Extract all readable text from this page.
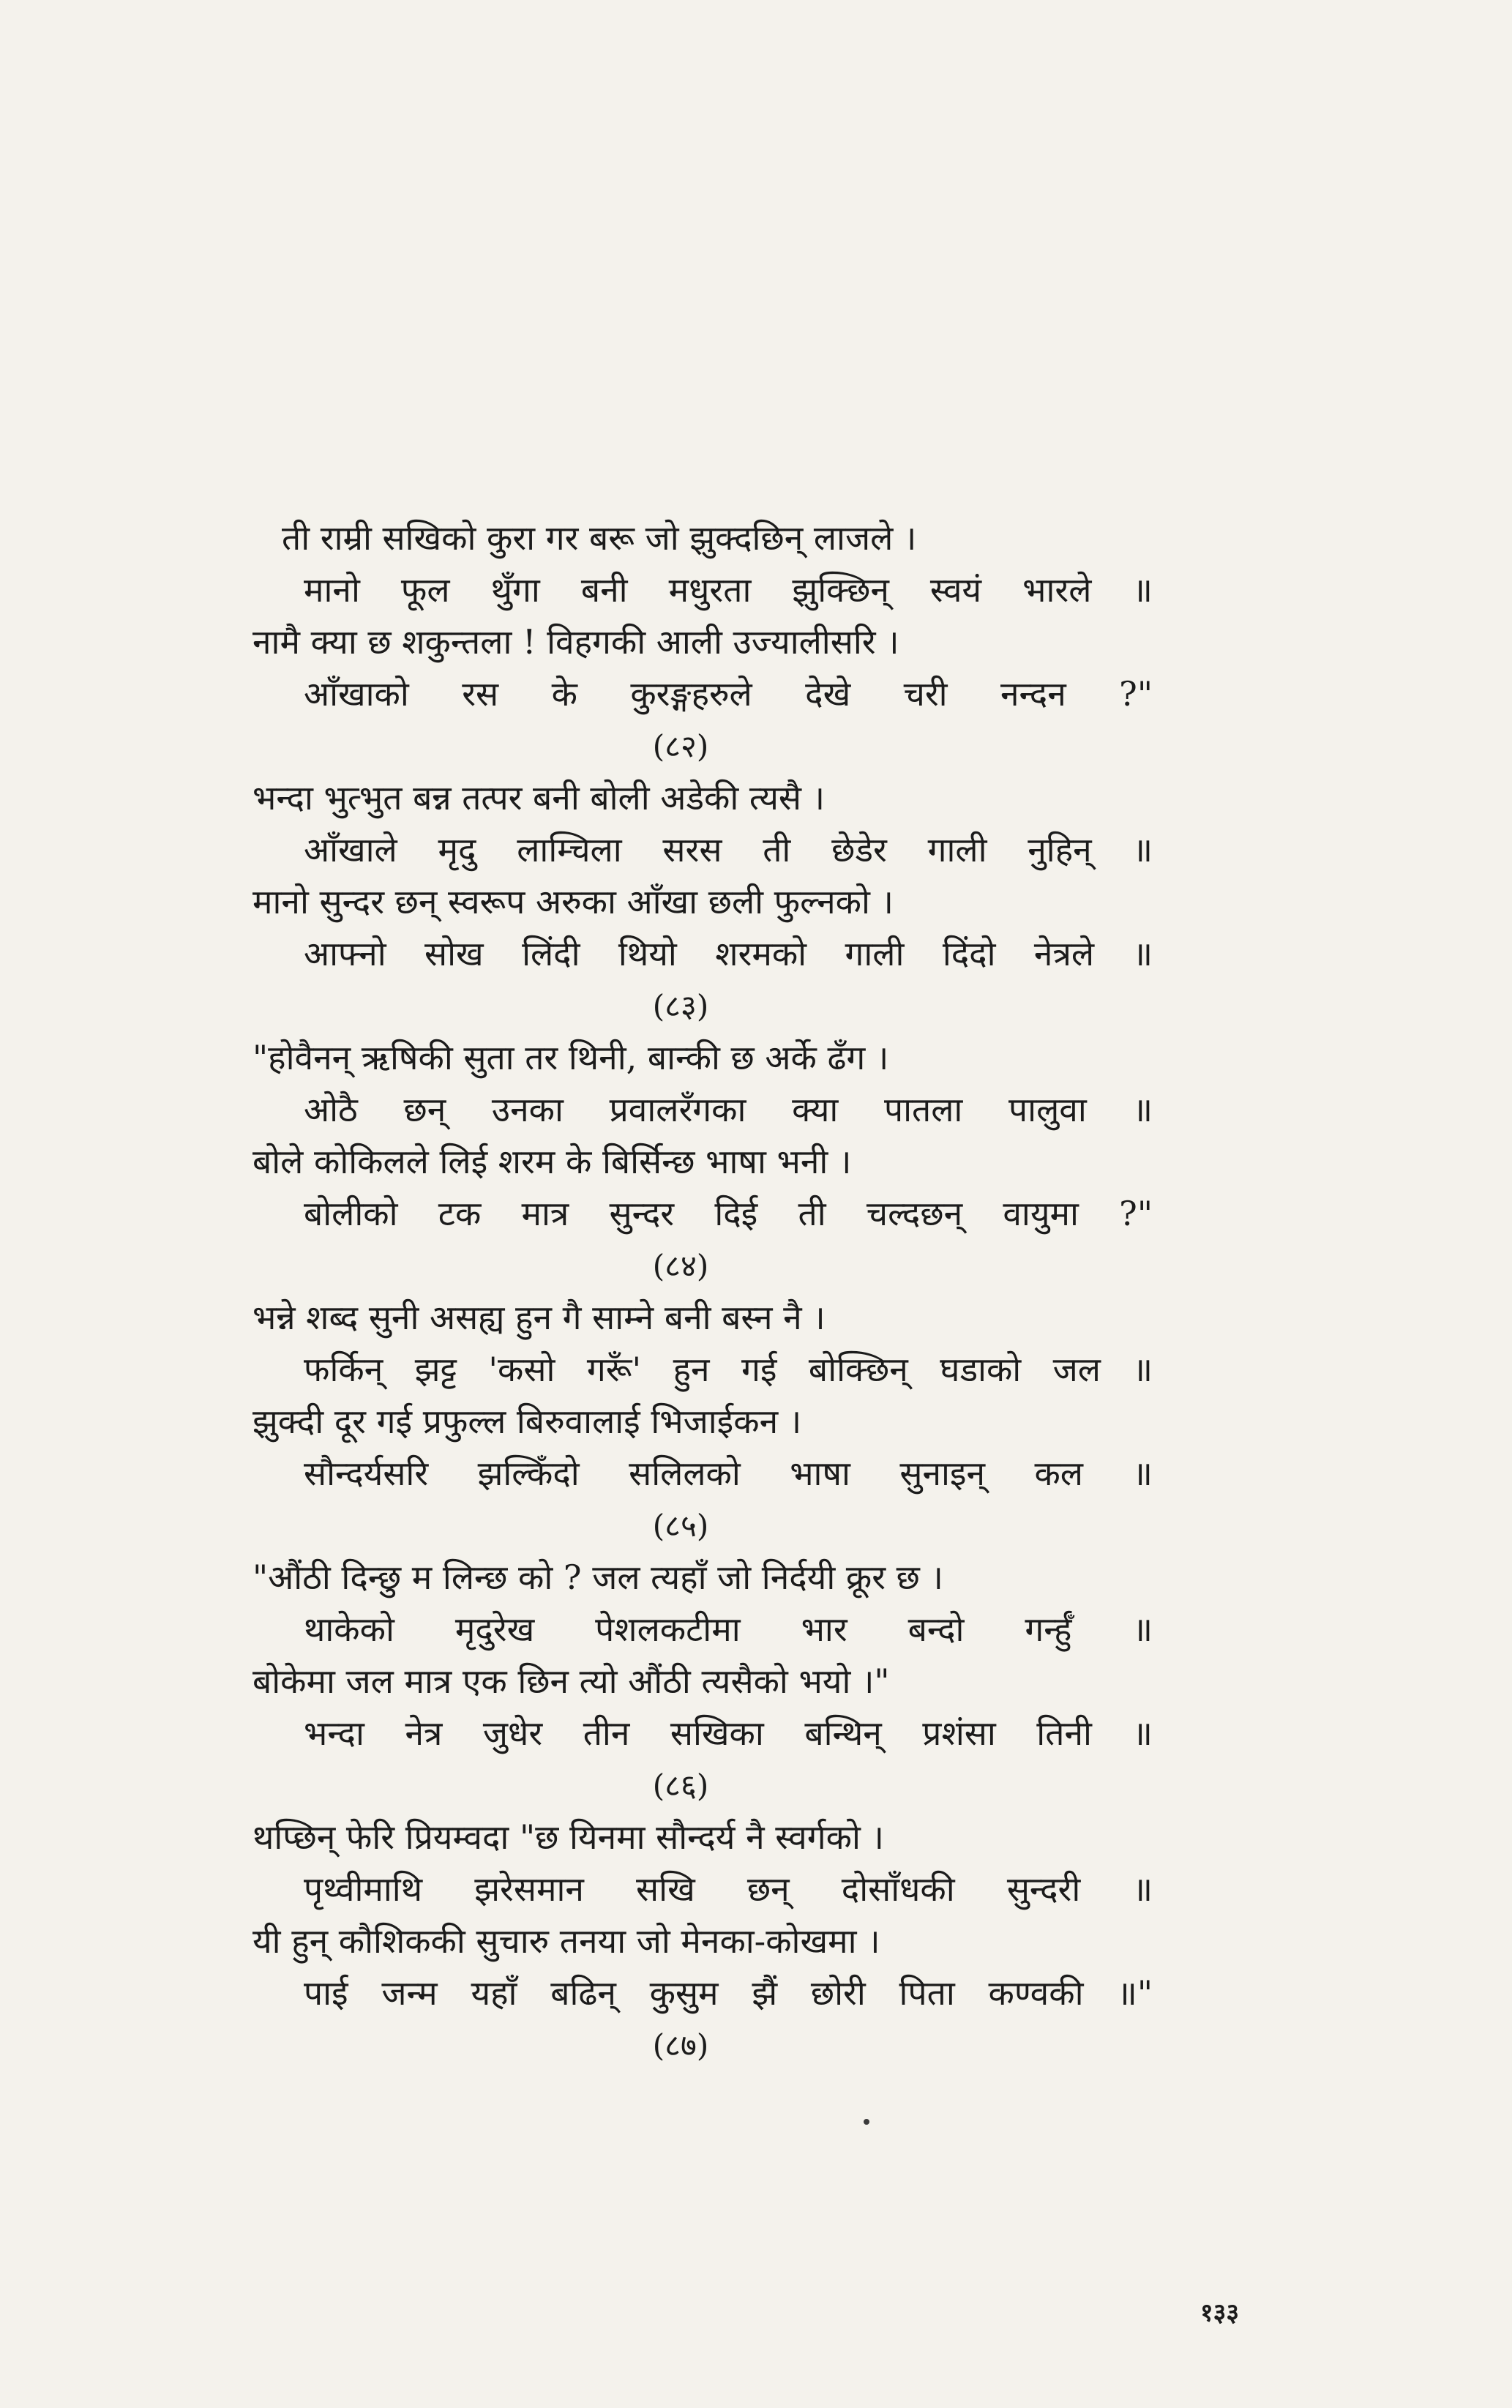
ती राम्री सखिको कुरा गर बरू जो झुक्दछिन् लाजले ।
मानो फूल थुँगा बनी मधुरता झुक्छिन् स्वयं भारले ॥
नामै क्या छ शकुन्तला ! विहगकी आली उज्यालीसरि ।
आँखाको रस के कुरङ्गहरुले देखे चरी नन्दन ?"
(८२)
भन्दा भुत्भुत बन्न तत्पर बनी बोली अडेकी त्यसै ।
आँखाले मृदु लाम्चिला सरस ती छेडेर गाली नुहिन् ॥
मानो सुन्दर छन् स्वरूप अरुका आँखा छली फुल्नको ।
आफ्नो सोख लिंदी थियो शरमको गाली दिंदो नेत्रले ॥
(८३)
"होवैनन् ऋषिकी सुता तर थिनी, बान्की छ अर्के ढँग ।
ओठै छन् उनका प्रवालरँगका क्या पातला पालुवा ॥
बोले कोकिलले लिई शरम के बिर्सिन्छ भाषा भनी ।
बोलीको टक मात्र सुन्दर दिई ती चल्दछन् वायुमा ?"
(८४)
भन्ने शब्द सुनी असह्य हुन गै साम्ने बनी बस्न नै ।
फर्किन् झट्ट 'कसो गरूँ' हुन गई बोक्छिन् घडाको जल ॥
झुक्दी दूर गई प्रफुल्ल बिरुवालाई भिजाईकन ।
सौन्दर्यसरि झल्किँदो सलिलको भाषा सुनाइन् कल ॥
(८५)
"औंठी दिन्छु म लिन्छ को ? जल त्यहाँ जो निर्दयी क्रूर छ ।
थाकेको मृदुरेख पेशलकटीमा भार बन्दो गर्न्हुँ ॥
बोकेमा जल मात्र एक छिन त्यो औंठी त्यसैको भयो ।"
भन्दा नेत्र जुधेर तीन सखिका बन्थिन् प्रशंसा तिनी ॥
(८६)
थप्छिन् फेरि प्रियम्वदा "छ यिनमा सौन्दर्य नै स्वर्गको ।
पृथ्वीमाथि झरेसमान सखि छन् दोसाँधकी सुन्दरी ॥
यी हुन् कौशिककी सुचारु तनया जो मेनका-कोखमा ।
पाई जन्म यहाँ बढिन् कुसुम झैं छोरी पिता कण्वकी ॥"
(८७)
१३३
